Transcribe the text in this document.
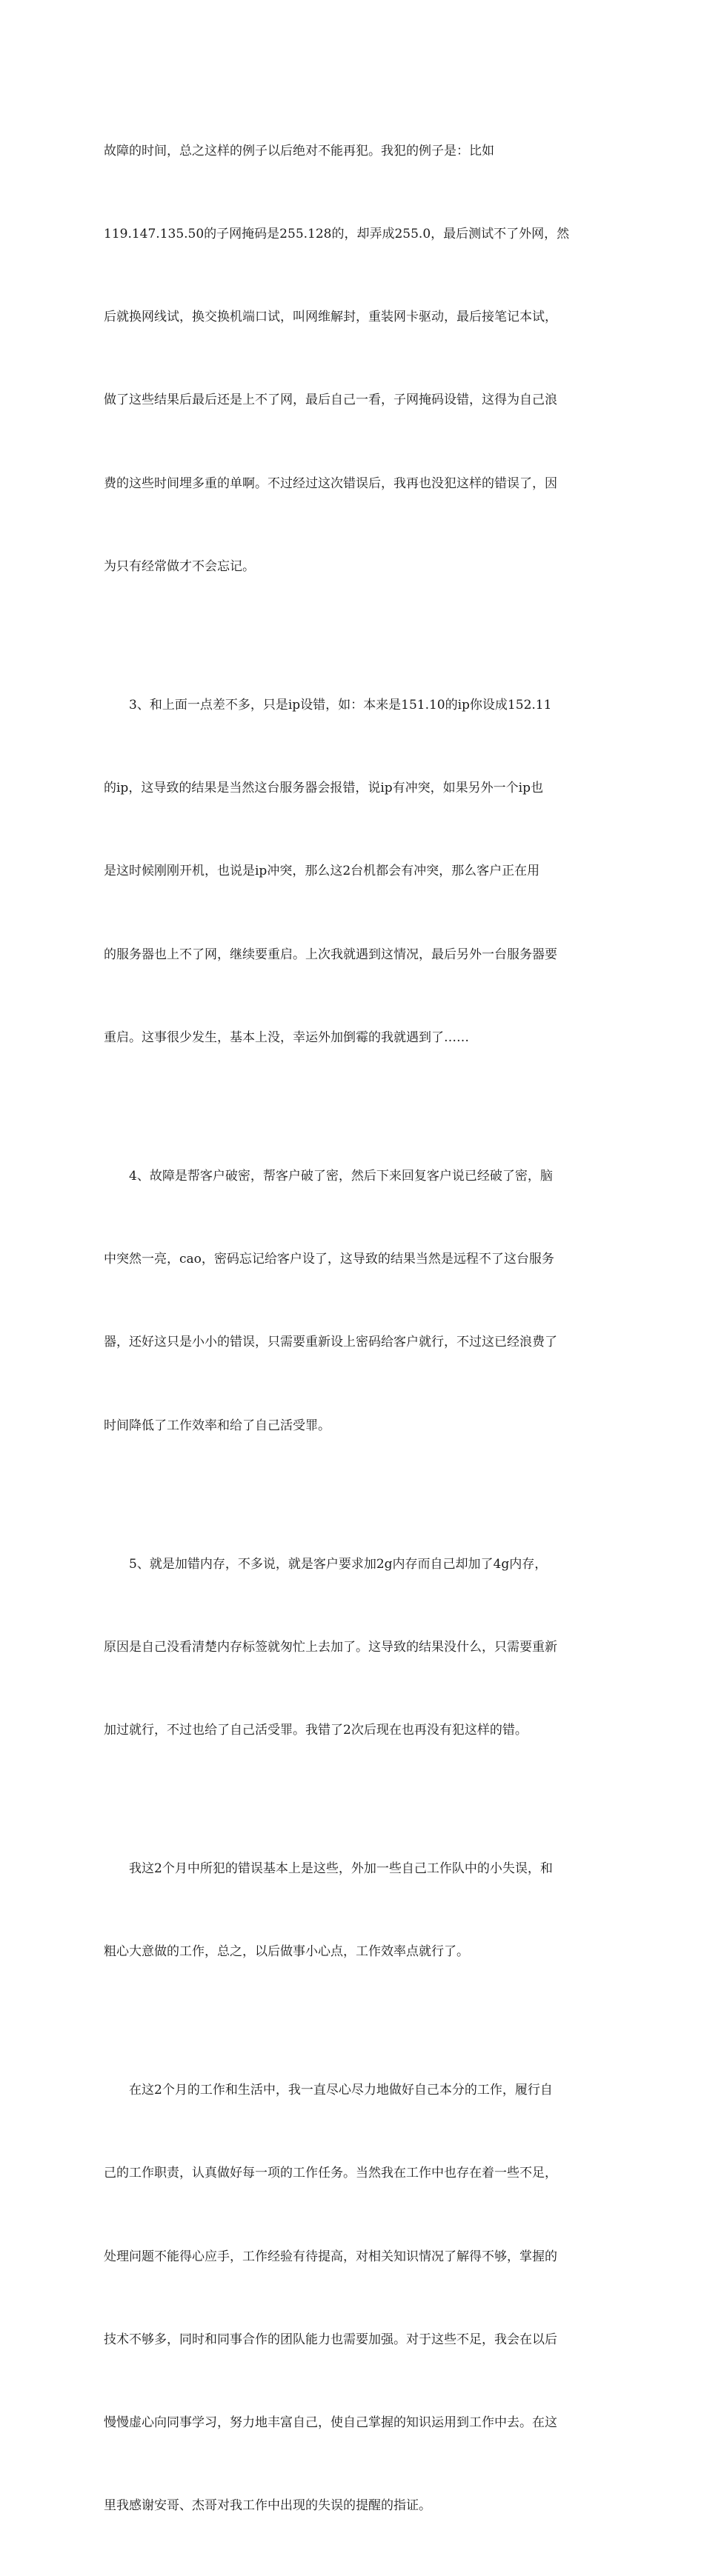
故障的时间，总之这样的例子以后绝对不能再犯。我犯的例子是：比如

119.147.135.50的子网掩码是255.128的，却弄成255.0，最后测试不了外网，然

后就换网线试，换交换机端口试，叫网维解封，重装网卡驱动，最后接笔记本试，

做了这些结果后最后还是上不了网，最后自己一看，子网掩码设错，这得为自己浪

费的这些时间埋多重的单啊。不过经过这次错误后，我再也没犯这样的错误了，因

为只有经常做才不会忘记。

　　3、和上面一点差不多，只是ip设错，如：本来是151.10的ip你设成152.11

的ip，这导致的结果是当然这台服务器会报错，说ip有冲突，如果另外一个ip也

是这时候刚刚开机，也说是ip冲突，那么这2台机都会有冲突，那么客户正在用

的服务器也上不了网，继续要重启。上次我就遇到这情况，最后另外一台服务器要

重启。这事很少发生，基本上没，幸运外加倒霉的我就遇到了……

　　4、故障是帮客户破密，帮客户破了密，然后下来回复客户说已经破了密，脑

中突然一亮，cao，密码忘记给客户设了，这导致的结果当然是远程不了这台服务

器，还好这只是小小的错误，只需要重新设上密码给客户就行，不过这已经浪费了

时间降低了工作效率和给了自己活受罪。

　　5、就是加错内存，不多说，就是客户要求加2g内存而自己却加了4g内存，

原因是自己没看清楚内存标签就匆忙上去加了。这导致的结果没什么，只需要重新

加过就行，不过也给了自己活受罪。我错了2次后现在也再没有犯这样的错。

　　我这2个月中所犯的错误基本上是这些，外加一些自己工作队中的小失误，和

粗心大意做的工作，总之，以后做事小心点，工作效率点就行了。

　　在这2个月的工作和生活中，我一直尽心尽力地做好自己本分的工作，履行自

己的工作职责，认真做好每一项的工作任务。当然我在工作中也存在着一些不足，

处理问题不能得心应手，工作经验有待提高，对相关知识情况了解得不够，掌握的

技术不够多，同时和同事合作的团队能力也需要加强。对于这些不足，我会在以后

慢慢虚心向同事学习，努力地丰富自己，使自己掌握的知识运用到工作中去。在这

里我感谢安哥、杰哥对我工作中出现的失误的提醒的指证。
